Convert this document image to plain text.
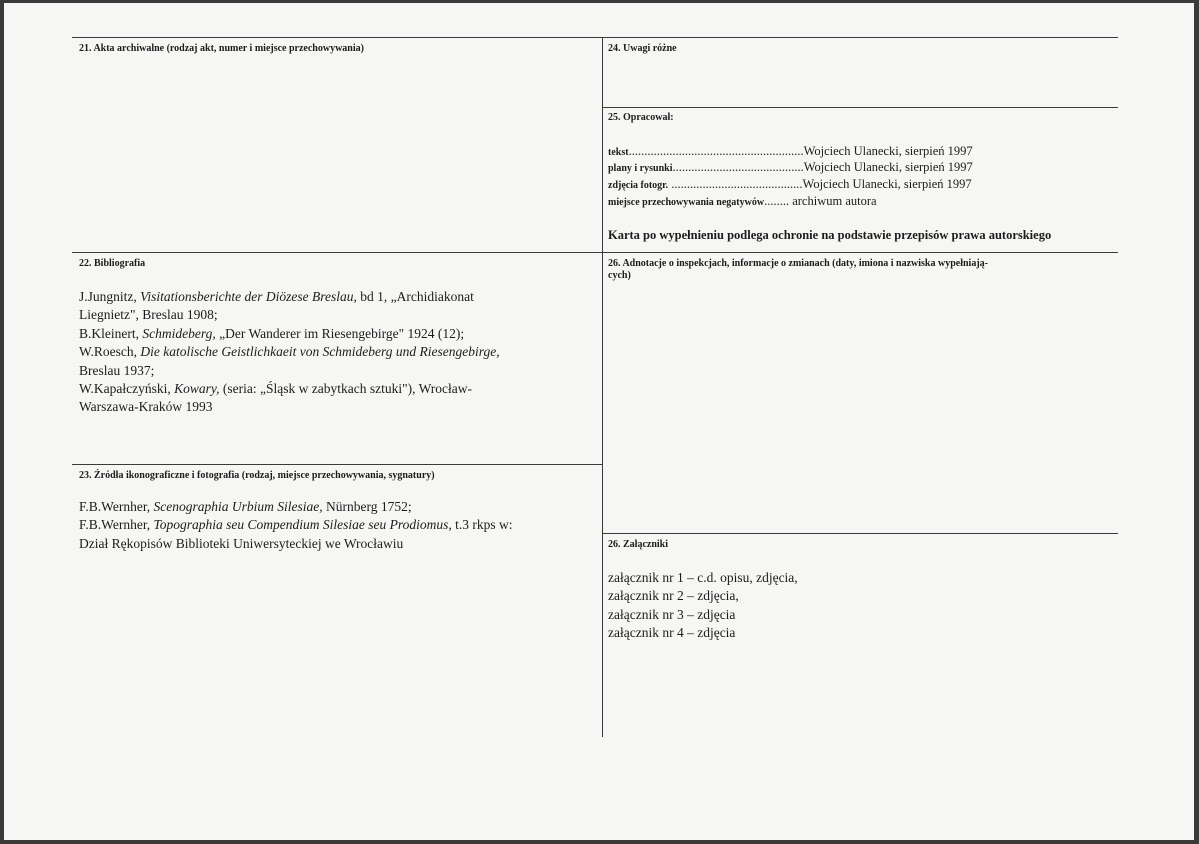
21. Akta archiwalne (rodzaj akt, numer i miejsce przechowywania)	24. Uwagi różne
25. Opracował:
tekst........................................................Wojciech Ulanecki, sierpień 1997
plany i rysunki..........................................Wojciech Ulanecki, sierpień 1997
zdjęcia fotogr. ..........................................Wojciech Ulanecki, sierpień 1997
miejsce przechowywania negatywów........ archiwum autora
Karta po wypełnieniu podlega ochronie na podstawie przepisów prawa autorskiego
22. Bibliografia
J.Jungnitz, Visitationsberichte der Diözese Breslau, bd 1, „Archidiakonat
Liegnietz", Breslau 1908;
B.Kleinert, Schmideberg, „Der Wanderer im Riesengebirge" 1924 (12);
W.Roesch, Die katolische Geistlichkaeit von Schmideberg und Riesengebirge,
Breslau 1937;
W.Kapałczyński, Kowary, (seria: „Śląsk w zabytkach sztuki"), Wrocław-
Warszawa-Kraków 1993
23. Źródła ikonograficzne i fotografia (rodzaj, miejsce przechowywania, sygnatury)
F.B.Wernher, Scenographia Urbium Silesiae, Nürnberg 1752;
F.B.Wernher, Topographia seu Compendium Silesiae seu Prodiomus, t.3 rkps w:
Dział Rękopisów Biblioteki Uniwersyteckiej we Wrocławiu
26. Adnotacje o inspekcjach, informacje o zmianach (daty, imiona i nazwiska wypełniają-
cych)
26. Załączniki
załącznik nr 1 – c.d. opisu, zdjęcia,
załącznik nr 2 – zdjęcia,
załącznik nr 3 – zdjęcia
załącznik nr 4 – zdjęcia
